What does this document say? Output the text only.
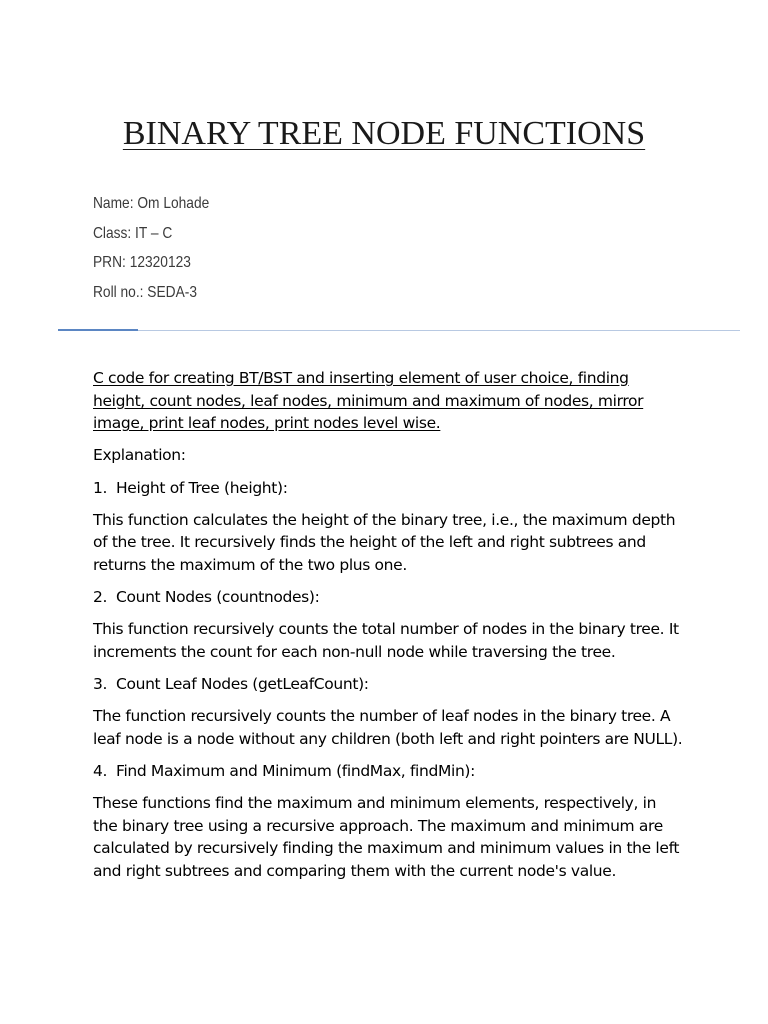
BINARY TREE NODE FUNCTIONS
Name: Om Lohade
Class: IT – C
PRN: 12320123
Roll no.: SEDA-3

C code for creating BT/BST and inserting element of user choice, finding height, count nodes, leaf nodes, minimum and maximum of nodes, mirror image, print leaf nodes, print nodes level wise.

Explanation:

1. Height of Tree (height):

This function calculates the height of the binary tree, i.e., the maximum depth of the tree. It recursively finds the height of the left and right subtrees and returns the maximum of the two plus one.

2. Count Nodes (countnodes):

This function recursively counts the total number of nodes in the binary tree. It increments the count for each non-null node while traversing the tree.

3. Count Leaf Nodes (getLeafCount):

The function recursively counts the number of leaf nodes in the binary tree. A leaf node is a node without any children (both left and right pointers are NULL).

4. Find Maximum and Minimum (findMax, findMin):

These functions find the maximum and minimum elements, respectively, in the binary tree using a recursive approach. The maximum and minimum are calculated by recursively finding the maximum and minimum values in the left and right subtrees and comparing them with the current node's value.
